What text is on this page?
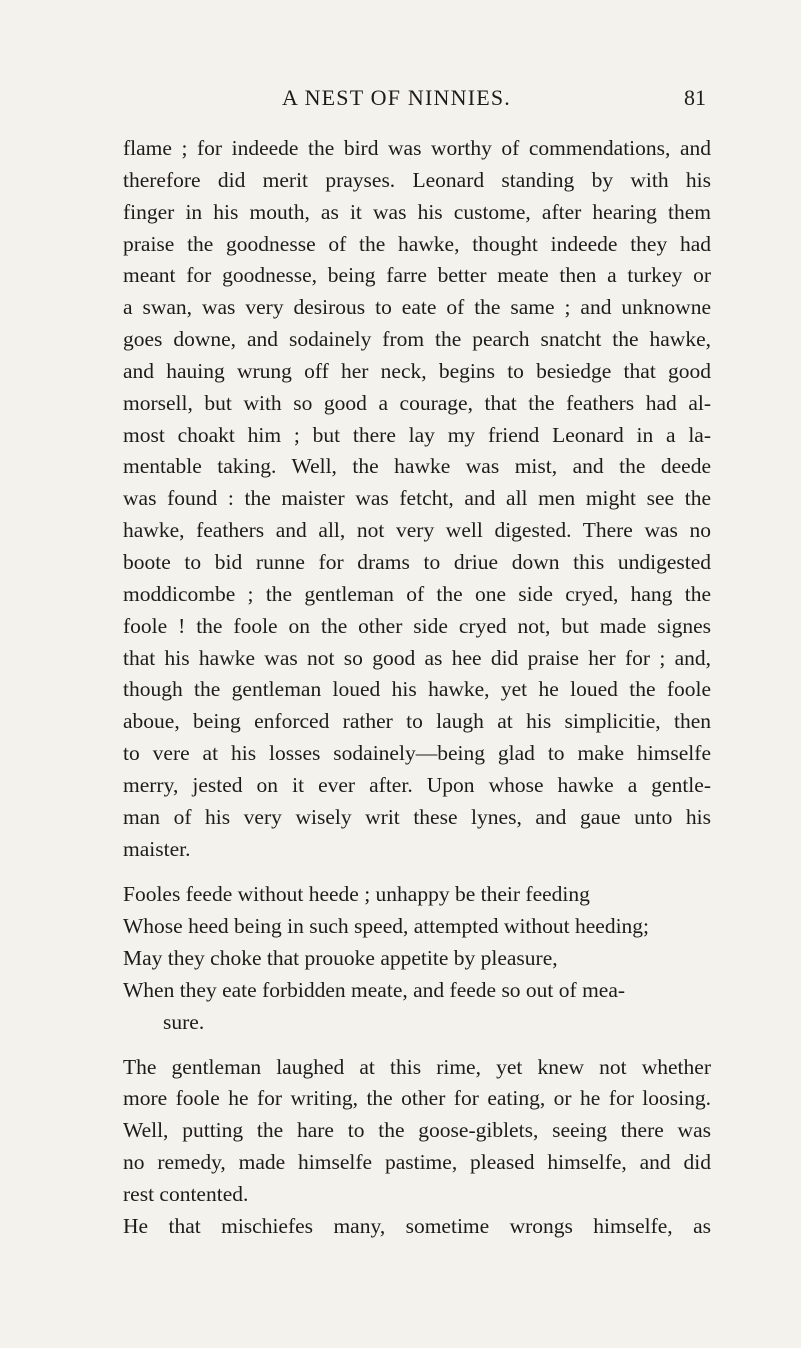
A NEST OF NINNIES.	81
flame ; for indeede the bird was worthy of commendations, and
therefore did merit prayses. Leonard standing by with his
finger in his mouth, as it was his custome, after hearing them
praise the goodnesse of the hawke, thought indeede they had
meant for goodnesse, being farre better meate then a turkey or
a swan, was very desirous to eate of the same ; and unknowne
goes downe, and sodainely from the pearch snatcht the hawke,
and hauing wrung off her neck, begins to besiedge that good
morsell, but with so good a courage, that the feathers had al-
most choakt him ; but there lay my friend Leonard in a la-
mentable taking. Well, the hawke was mist, and the deede
was found : the maister was fetcht, and all men might see the
hawke, feathers and all, not very well digested. There was no
boote to bid runne for drams to driue down this undigested
moddicombe ; the gentleman of the one side cryed, hang the
foole ! the foole on the other side cryed not, but made signes
that his hawke was not so good as hee did praise her for ; and,
though the gentleman loued his hawke, yet he loued the foole
aboue, being enforced rather to laugh at his simplicitie, then
to vere at his losses sodainely—being glad to make himselfe
merry, jested on it ever after. Upon whose hawke a gentle-
man of his very wisely writ these lynes, and gaue unto his
maister.
Fooles feede without heede ; unhappy be their feeding
Whose heed being in such speed, attempted without heeding;
May they choke that prouoke appetite by pleasure,
When they eate forbidden meate, and feede so out of mea-
sure.
The gentleman laughed at this rime, yet knew not whether
more foole he for writing, the other for eating, or he for loosing.
Well, putting the hare to the goose-giblets, seeing there was
no remedy, made himselfe pastime, pleased himselfe, and did
rest contented.
He that mischiefes many, sometime wrongs himselfe, as
